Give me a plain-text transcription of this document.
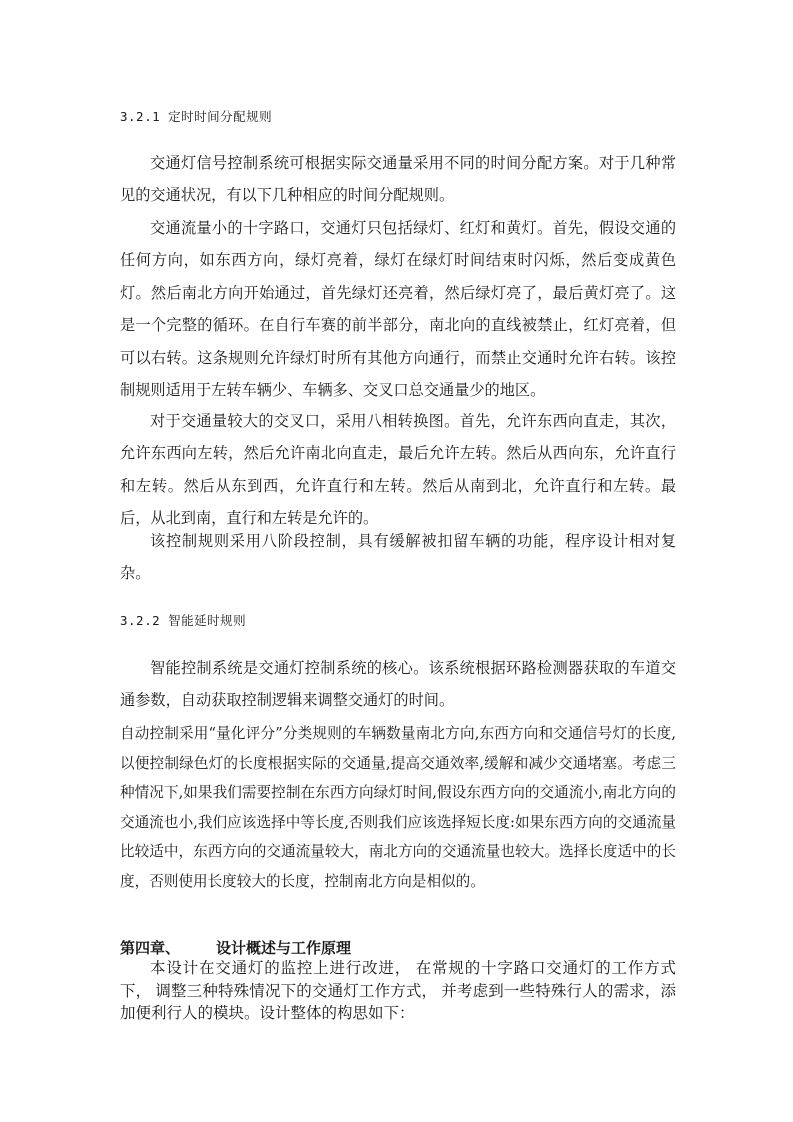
3.2.1 定时时间分配规则

交通灯信号控制系统可根据实际交通量采用不同的时间分配方案。对于几种常见的交通状况，有以下几种相应的时间分配规则。

交通流量小的十字路口，交通灯只包括绿灯、红灯和黄灯。首先，假设交通的任何方向，如东西方向，绿灯亮着，绿灯在绿灯时间结束时闪烁，然后变成黄色灯。然后南北方向开始通过，首先绿灯还亮着，然后绿灯亮了，最后黄灯亮了。这是一个完整的循环。在自行车赛的前半部分，南北向的直线被禁止，红灯亮着，但可以右转。这条规则允许绿灯时所有其他方向通行，而禁止交通时允许右转。该控制规则适用于左转车辆少、车辆多、交叉口总交通量少的地区。

对于交通量较大的交叉口，采用八相转换图。首先，允许东西向直走，其次，允许东西向左转，然后允许南北向直走，最后允许左转。然后从西向东，允许直行和左转。然后从东到西，允许直行和左转。然后从南到北，允许直行和左转。最后，从北到南，直行和左转是允许的。

该控制规则采用八阶段控制，具有缓解被扣留车辆的功能，程序设计相对复杂。

3.2.2 智能延时规则

智能控制系统是交通灯控制系统的核心。该系统根据环路检测器获取的车道交通参数，自动获取控制逻辑来调整交通灯的时间。

自动控制采用“量化评分”分类规则的车辆数量南北方向,东西方向和交通信号灯的长度,以便控制绿色灯的长度根据实际的交通量,提高交通效率,缓解和减少交通堵塞。考虑三种情况下,如果我们需要控制在东西方向绿灯时间,假设东西方向的交通流小,南北方向的交通流也小,我们应该选择中等长度,否则我们应该选择短长度:如果东西方向的交通流量比较适中，东西方向的交通流量较大，南北方向的交通流量也较大。选择长度适中的长度，否则使用长度较大的长度，控制南北方向是相似的。

第四章、 设计概述与工作原理

本设计在交通灯的监控上进行改进， 在常规的十字路口交通灯的工作方式下， 调整三种特殊情况下的交通灯工作方式， 并考虑到一些特殊行人的需求，添加便利行人的模块。设计整体的构思如下：
